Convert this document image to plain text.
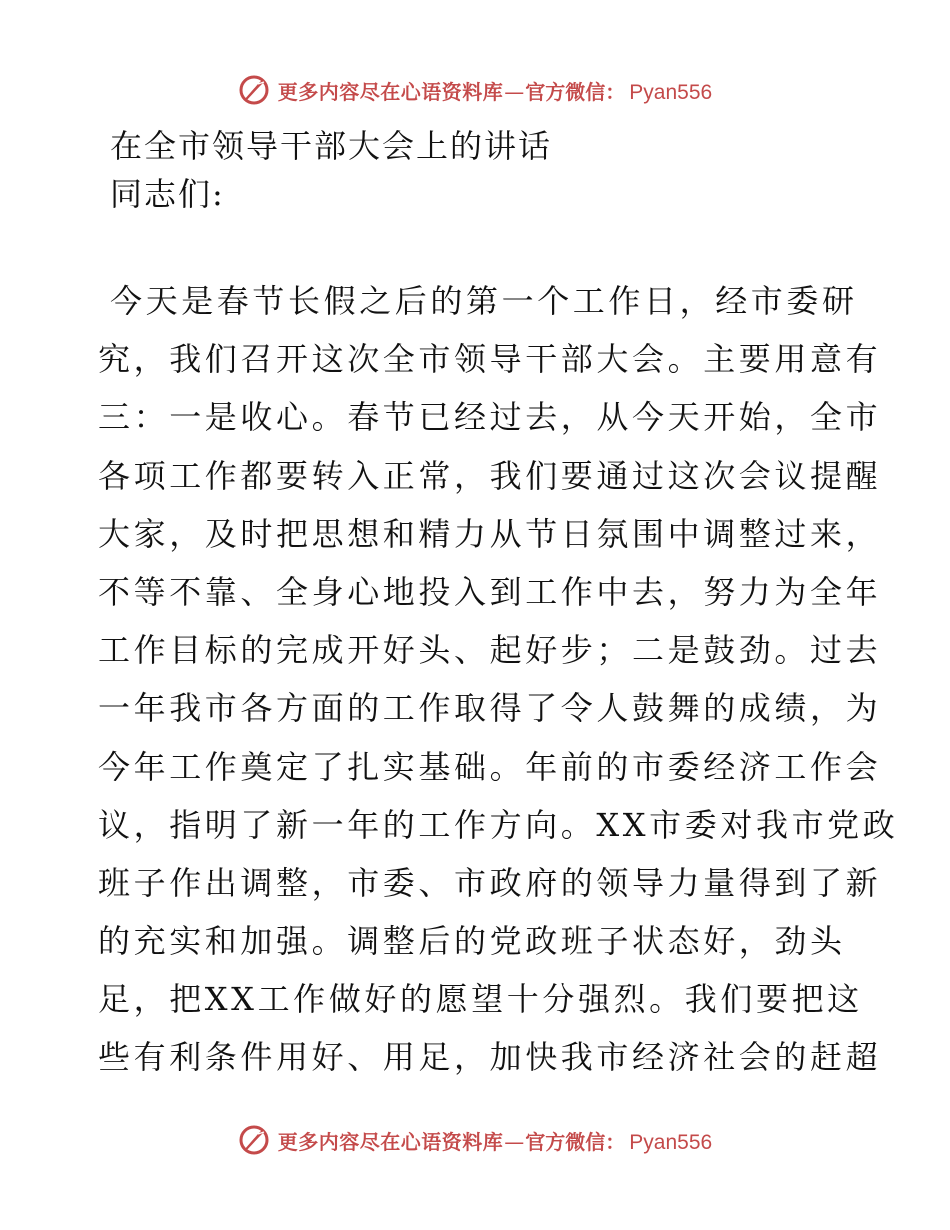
更多内容尽在心语资料库 — 官方微信： Pyan556
在全市领导干部大会上的讲话

同志们:

今天是春节长假之后的第一个工作日，经市委研
究，我们召开这次全市领导干部大会。主要用意有
三：一是收心。春节已经过去，从今天开始，全市
各项工作都要转入正常，我们要通过这次会议提醒
大家，及时把思想和精力从节日氛围中调整过来，
不等不靠、全身心地投入到工作中去，努力为全年
工作目标的完成开好头、起好步；二是鼓劲。过去
一年我市各方面的工作取得了令人鼓舞的成绩，为
今年工作奠定了扎实基础。年前的市委经济工作会
议，指明了新一年的工作方向。XX市委对我市党政
班子作出调整，市委、市政府的领导力量得到了新
的充实和加强。调整后的党政班子状态好，劲头
足，把XX工作做好的愿望十分强烈。我们要把这
些有利条件用好、用足，加快我市经济社会的赶超
更多内容尽在心语资料库 — 官方微信： Pyan556
